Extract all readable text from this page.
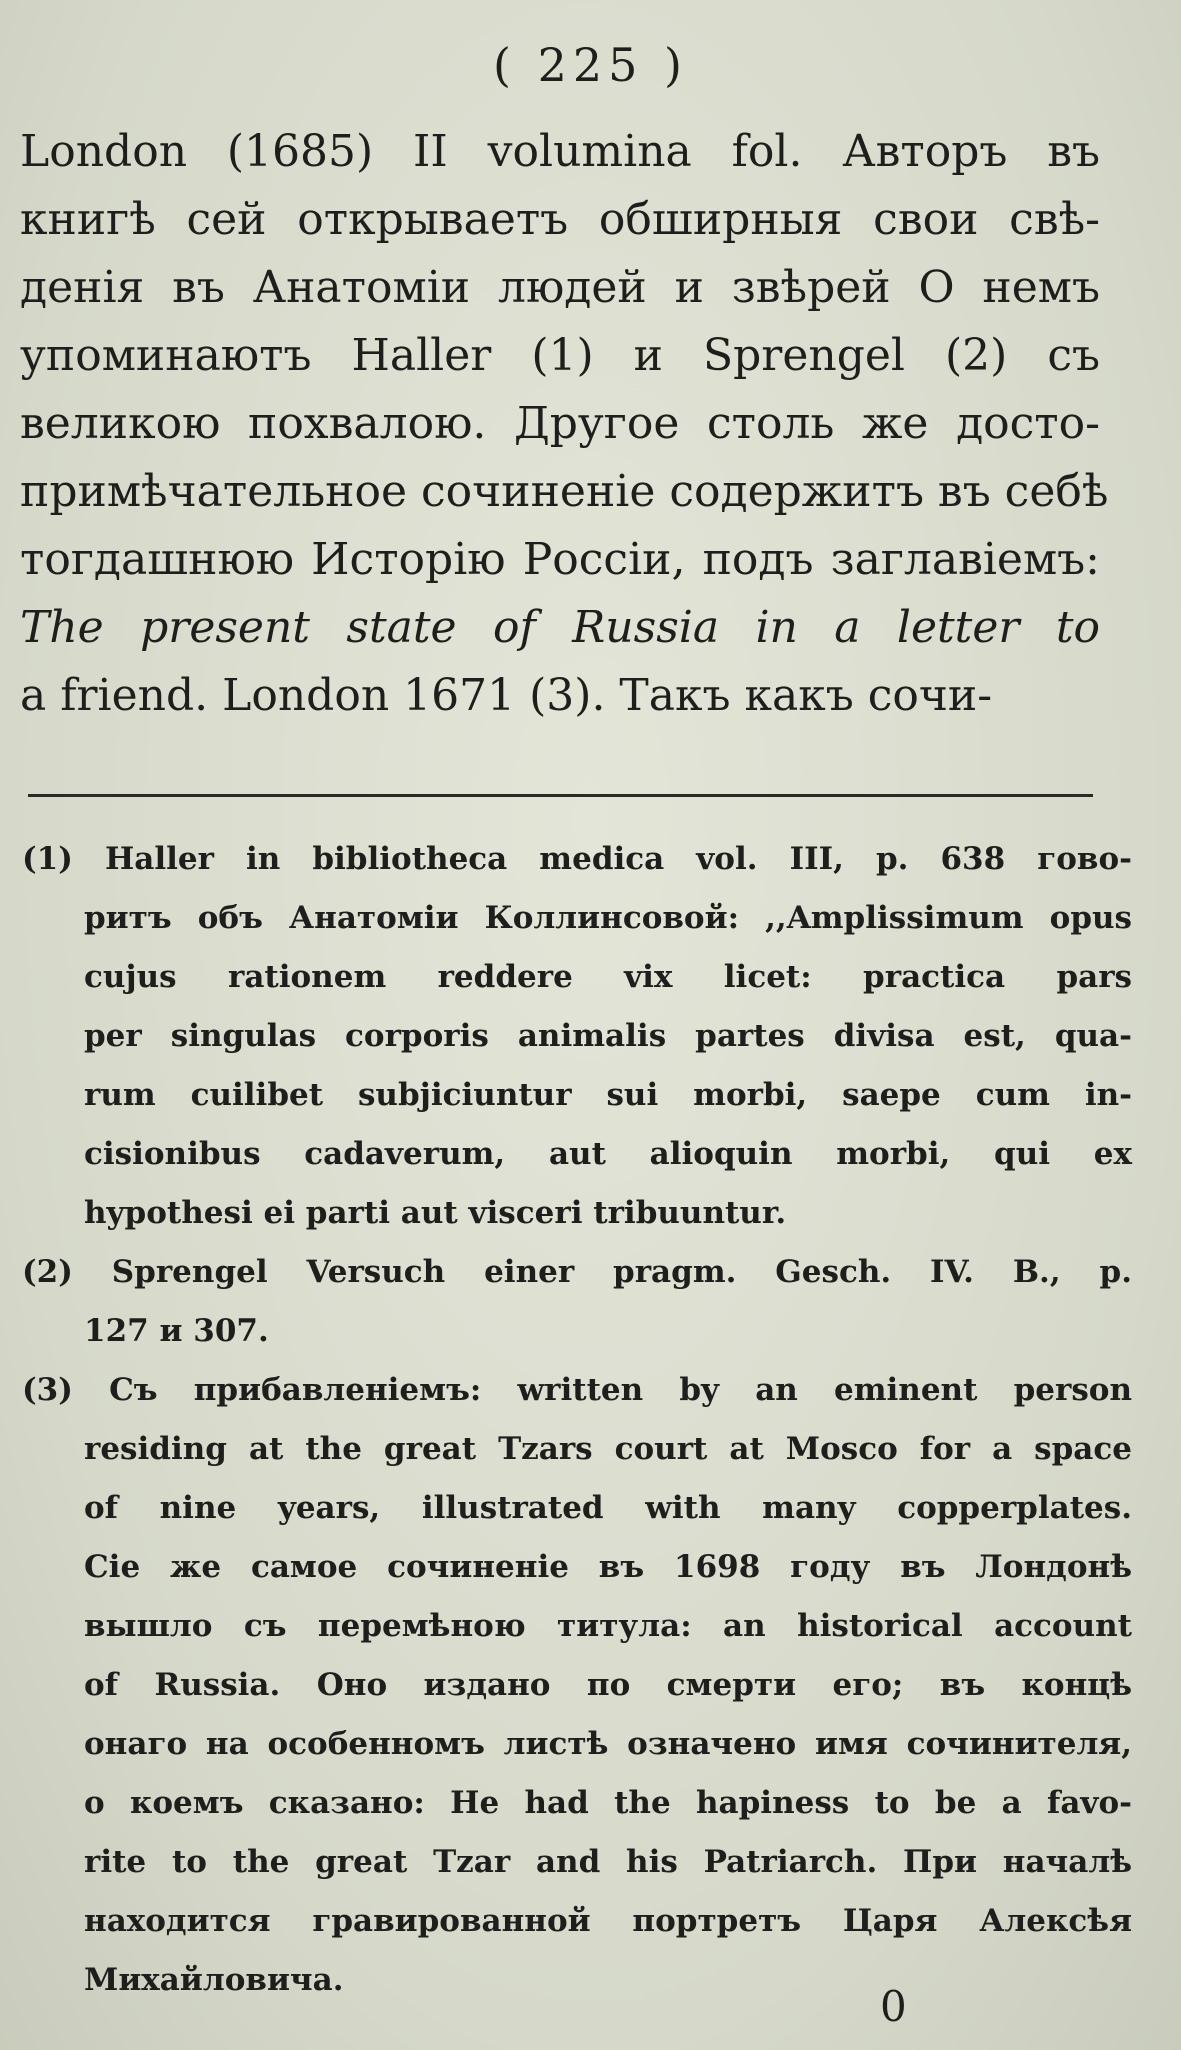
( 225 )
London (1685) II volumina fol. Авторъ въ
книгѣ сей открываетъ обширныя свои свѣ-
денія въ Анатоміи людей и звѣрей О немъ
упоминаютъ Haller (1) и Sprengel (2) съ
великою похвалою. Другое столь же досто-
примѣчательное сочиненіе содержитъ въ себѣ
тогдашнюю Исторію Россіи, подъ заглавіемъ:
The present state of Russia in a letter to
a friend. London 1671 (3). Такъ какъ сочи-
(1) Haller in bibliotheca medica vol. III, p. 638 гово-
ритъ объ Анатоміи Коллинсовой: ,,Amplissimum opus
cujus rationem reddere vix licet: practica pars
per singulas corporis animalis partes divisa est, qua-
rum cuilibet subjiciuntur sui morbi, saepe cum in-
cisionibus cadaverum, aut alioquin morbi, qui ex
hypothesi ei parti aut visceri tribuuntur.
(2) Sprengel Versuch einer pragm. Gesch. IV. B., p.
127 и 307.
(3) Съ прибавленіемъ: written by an eminent person
residing at the great Tzars court at Mosco for a space
of nine years, illustrated with many copperplates.
Сіе же самое сочиненіе въ 1698 году въ Лондонѣ
вышло съ перемѣною титула: an historical account
of Russia. Оно издано по смерти его; въ концѣ
онаго на особенномъ листѣ означено имя сочинителя,
о коемъ сказано: He had the hapiness to be a favo-
rite to the great Tzar and his Patriarch. При началѣ
находится гравированной портретъ Царя Алексѣя
Михайловича.
0
